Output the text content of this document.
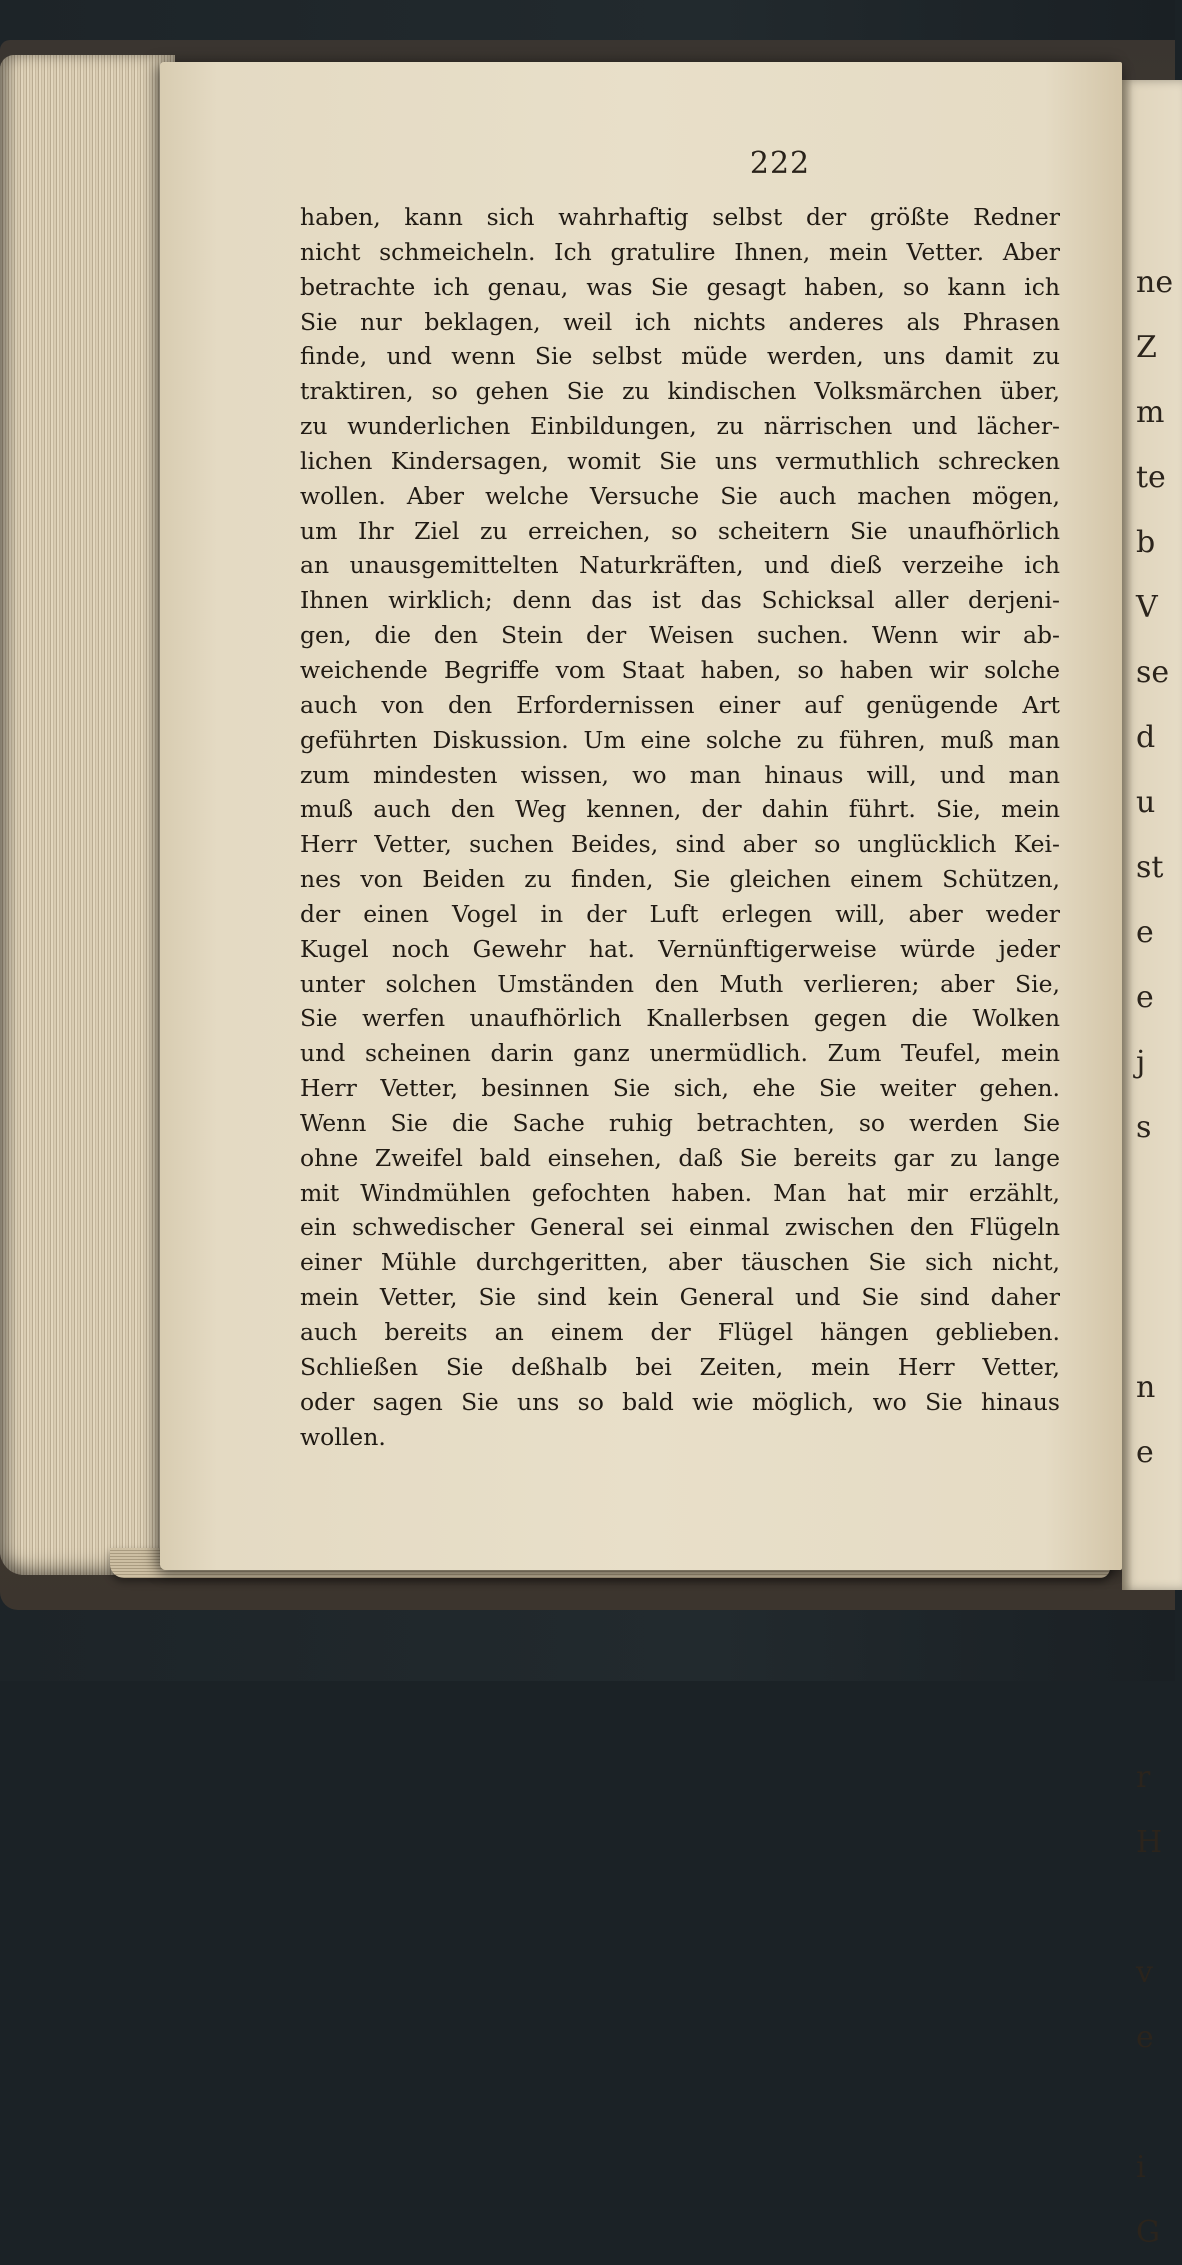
222
haben, kann sich wahrhaftig selbst der größte Redner
nicht schmeicheln. Ich gratulire Ihnen, mein Vetter. Aber
betrachte ich genau, was Sie gesagt haben, so kann ich
Sie nur beklagen, weil ich nichts anderes als Phrasen
finde, und wenn Sie selbst müde werden, uns damit zu
traktiren, so gehen Sie zu kindischen Volksmärchen über,
zu wunderlichen Einbildungen, zu närrischen und lächer-
lichen Kindersagen, womit Sie uns vermuthlich schrecken
wollen. Aber welche Versuche Sie auch machen mögen,
um Ihr Ziel zu erreichen, so scheitern Sie unaufhörlich
an unausgemittelten Naturkräften, und dieß verzeihe ich
Ihnen wirklich; denn das ist das Schicksal aller derjeni-
gen, die den Stein der Weisen suchen. Wenn wir ab-
weichende Begriffe vom Staat haben, so haben wir solche
auch von den Erfordernissen einer auf genügende Art
geführten Diskussion. Um eine solche zu führen, muß man
zum mindesten wissen, wo man hinaus will, und man
muß auch den Weg kennen, der dahin führt. Sie, mein
Herr Vetter, suchen Beides, sind aber so unglücklich Kei-
nes von Beiden zu finden, Sie gleichen einem Schützen,
der einen Vogel in der Luft erlegen will, aber weder
Kugel noch Gewehr hat. Vernünftigerweise würde jeder
unter solchen Umständen den Muth verlieren; aber Sie,
Sie werfen unaufhörlich Knallerbsen gegen die Wolken
und scheinen darin ganz unermüdlich. Zum Teufel, mein
Herr Vetter, besinnen Sie sich, ehe Sie weiter gehen.
Wenn Sie die Sache ruhig betrachten, so werden Sie
ohne Zweifel bald einsehen, daß Sie bereits gar zu lange
mit Windmühlen gefochten haben. Man hat mir erzählt,
ein schwedischer General sei einmal zwischen den Flügeln
einer Mühle durchgeritten, aber täuschen Sie sich nicht,
mein Vetter, Sie sind kein General und Sie sind daher
auch bereits an einem der Flügel hängen geblieben.
Schließen Sie deßhalb bei Zeiten, mein Herr Vetter,
oder sagen Sie uns so bald wie möglich, wo Sie hinaus
wollen.
ne
Z
m
te
b
V
se
d
u
st
e
e
j
s
n
e
r
H
v
e
i
G
